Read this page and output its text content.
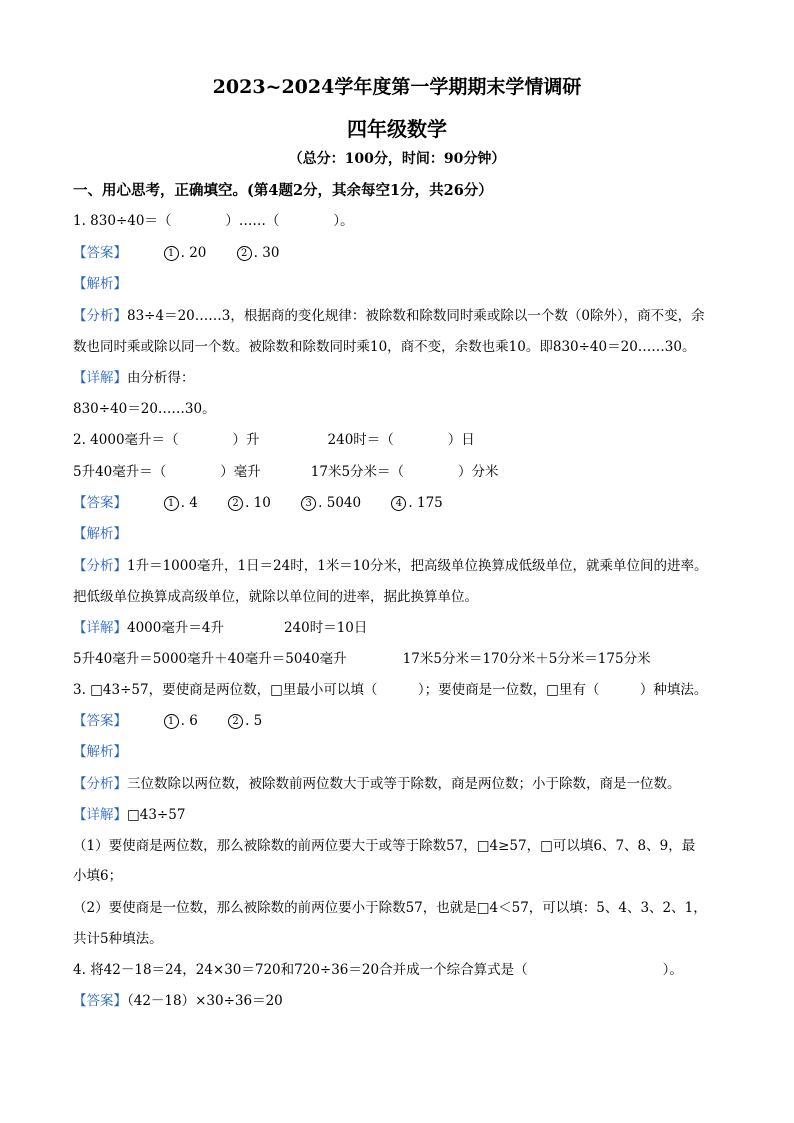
2023~2024学年度第一学期期末学情调研
四年级数学
（总分：100分，时间：90分钟）
一、用心思考，正确填空。(第4题2分，其余每空1分，共26分）
1. 830÷40＝（　　　　）……（　　　　）。
【答案】	1 . 20	2 . 30
【解析】
【分析】83÷4＝20……3，根据商的变化规律：被除数和除数同时乘或除以一个数（0除外），商不变，余
数也同时乘或除以同一个数。被除数和除数同时乘10，商不变，余数也乘10。即830÷40＝20……30。
【详解】由分析得：
830÷40＝20……30。
2. 4000毫升＝（　　　　）升	240时＝（　　　　）日
5升40毫升＝（　　　　）毫升	17米5分米＝（　　　　）分米
【答案】	1 . 4	2 . 10	3 . 5040	4 . 175
【解析】
【分析】1升＝1000毫升，1日＝24时，1米＝10分米，把高级单位换算成低级单位，就乘单位间的进率。
把低级单位换算成高级单位，就除以单位间的进率，据此换算单位。
【详解】4000毫升＝4升	240时＝10日
5升40毫升＝5000毫升＋40毫升＝5040毫升	17米5分米＝170分米＋5分米＝175分米
3. □43÷57，要使商是两位数，□里最小可以填（　　　）；要使商是一位数，□里有（　　　）种填法。
【答案】	1 . 6	2 . 5
【解析】
【分析】三位数除以两位数，被除数前两位数大于或等于除数，商是两位数；小于除数，商是一位数。
【详解】□43÷57
（1）要使商是两位数，那么被除数的前两位要大于或等于除数57，□4≥57，□可以填6、7、8、9，最
小填6；
（2）要使商是一位数，那么被除数的前两位要小于除数57，也就是□4＜57，可以填：5、4、3、2、1，
共计5种填法。
4. 将42－18＝24，24×30＝720和720÷36＝20合并成一个综合算式是（　　　　　　　　　　）。
【答案】（42－18）×30÷36＝20
